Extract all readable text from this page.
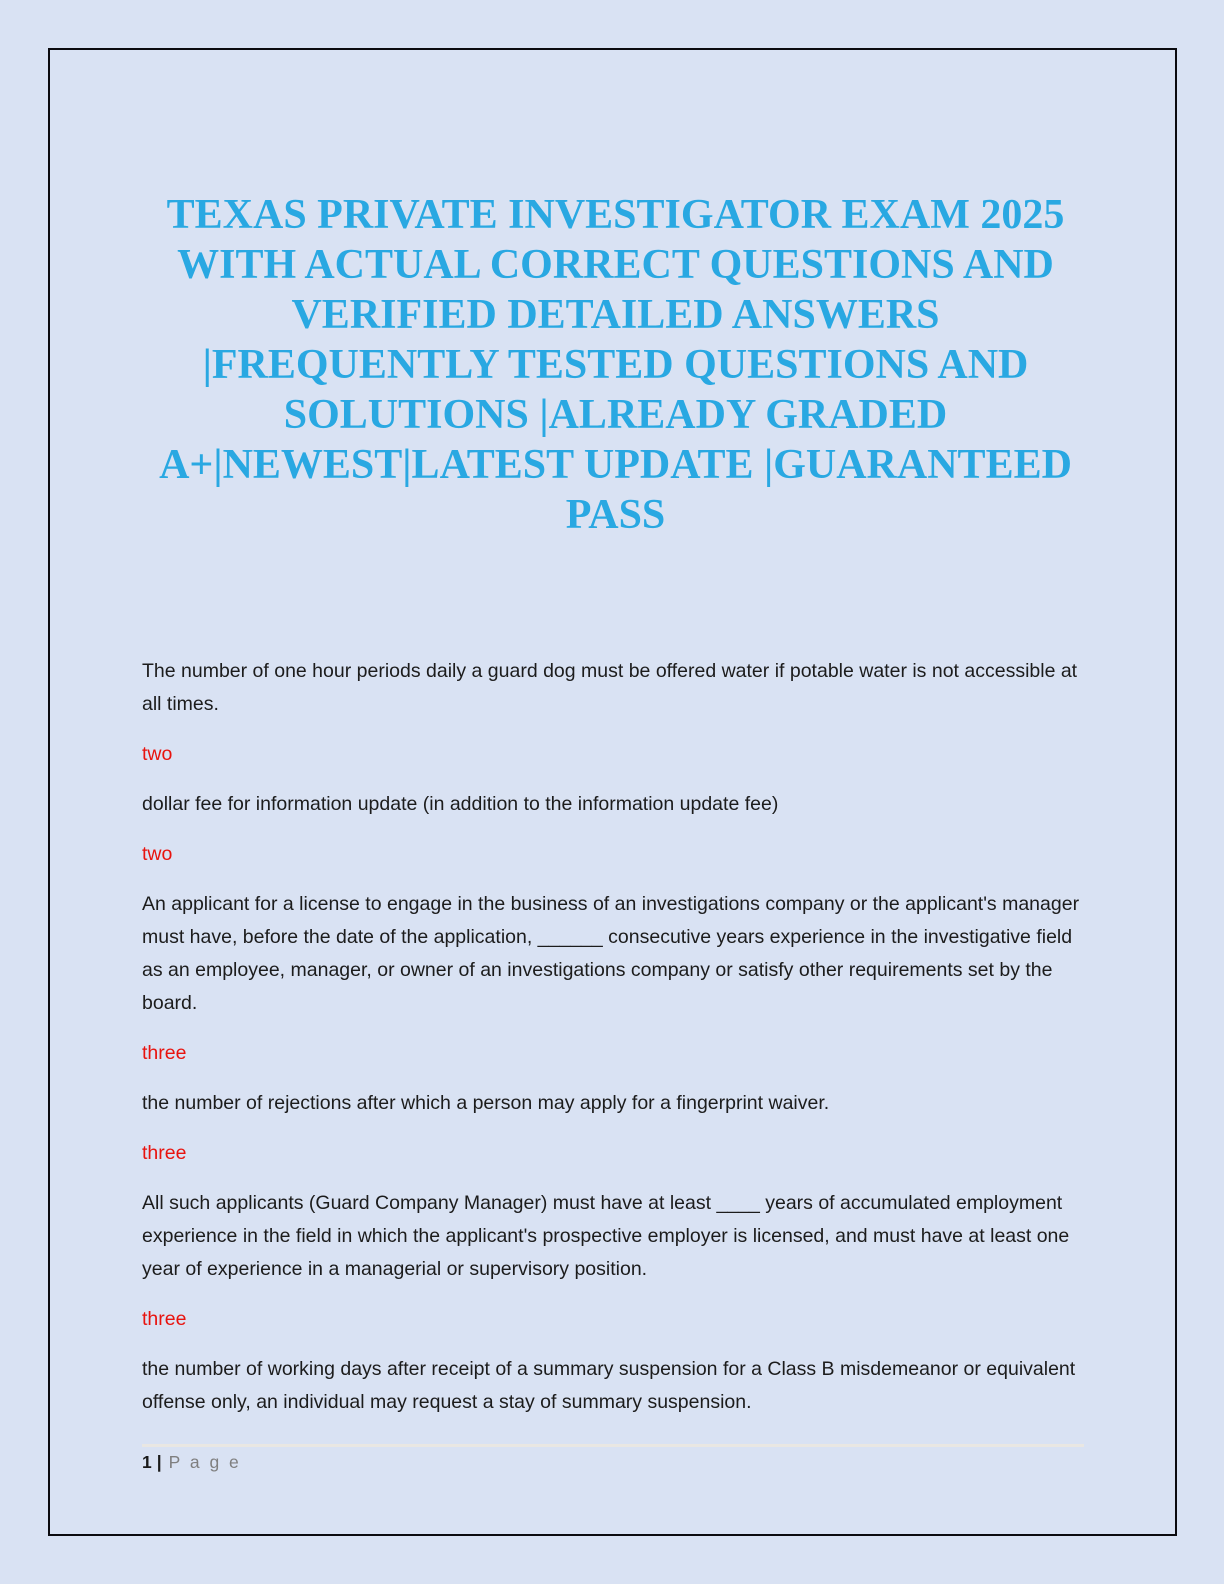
TEXAS PRIVATE INVESTIGATOR EXAM 2025
WITH ACTUAL CORRECT QUESTIONS AND
VERIFIED DETAILED ANSWERS
|FREQUENTLY TESTED QUESTIONS AND
SOLUTIONS |ALREADY GRADED
A+|NEWEST|LATEST UPDATE |GUARANTEED
PASS

The number of one hour periods daily a guard dog must be offered water if potable water is not accessible at all times.

two

dollar fee for information update (in addition to the information update fee)

two

An applicant for a license to engage in the business of an investigations company or the applicant's manager must have, before the date of the application, ______ consecutive years experience in the investigative field as an employee, manager, or owner of an investigations company or satisfy other requirements set by the board.

three

the number of rejections after which a person may apply for a fingerprint waiver.

three

All such applicants (Guard Company Manager) must have at least ____ years of accumulated employment experience in the field in which the applicant's prospective employer is licensed, and must have at least one year of experience in a managerial or supervisory position.

three

the number of working days after receipt of a summary suspension for a Class B misdemeanor or equivalent offense only, an individual may request a stay of summary suspension.

1 | P a g e
